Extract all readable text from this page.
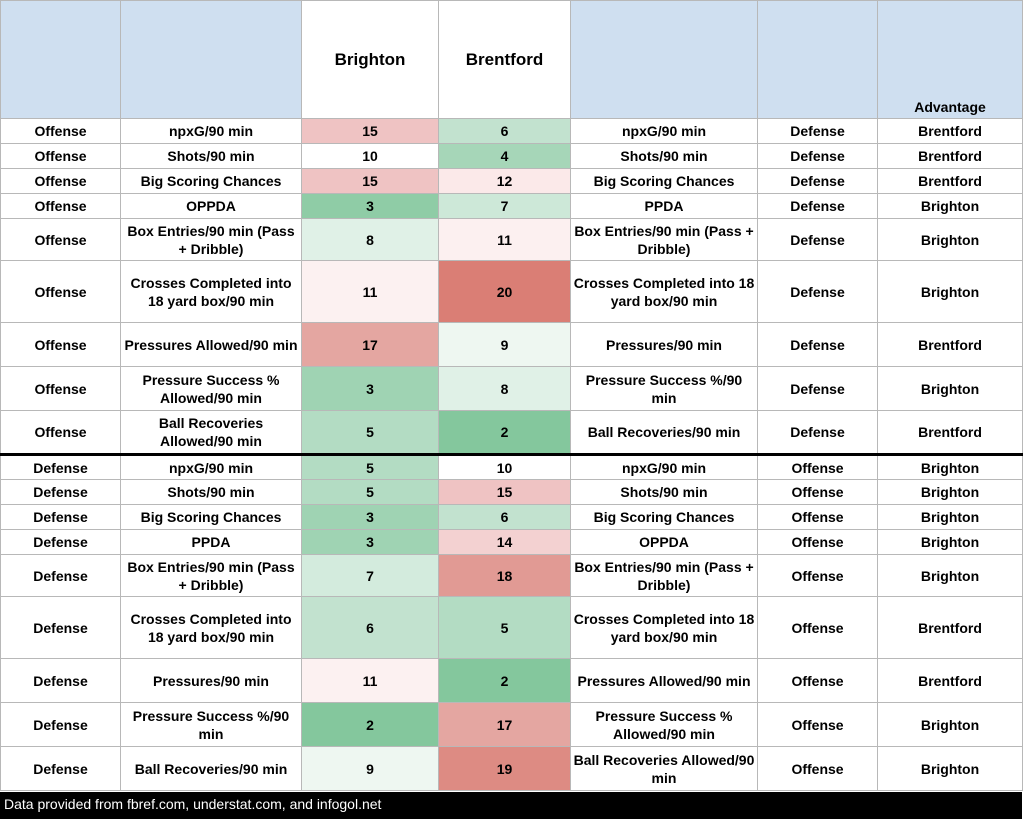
		Brighton	Brentford			Advantage
Offense	npxG/90 min	15	6	npxG/90 min	Defense	Brentford
Offense	Shots/90 min	10	4	Shots/90 min	Defense	Brentford
Offense	Big Scoring Chances	15	12	Big Scoring Chances	Defense	Brentford
Offense	OPPDA	3	7	PPDA	Defense	Brighton
Offense	Box Entries/90 min (Pass + Dribble)	8	11	Box Entries/90 min (Pass + Dribble)	Defense	Brighton
Offense	Crosses Completed into 18 yard box/90 min	11	20	Crosses Completed into 18 yard box/90 min	Defense	Brighton
Offense	Pressures Allowed/90 min	17	9	Pressures/90 min	Defense	Brentford
Offense	Pressure Success % Allowed/90 min	3	8	Pressure Success %/90 min	Defense	Brighton
Offense	Ball Recoveries Allowed/90 min	5	2	Ball Recoveries/90 min	Defense	Brentford
Defense	npxG/90 min	5	10	npxG/90 min	Offense	Brighton
Defense	Shots/90 min	5	15	Shots/90 min	Offense	Brighton
Defense	Big Scoring Chances	3	6	Big Scoring Chances	Offense	Brighton
Defense	PPDA	3	14	OPPDA	Offense	Brighton
Defense	Box Entries/90 min (Pass + Dribble)	7	18	Box Entries/90 min (Pass + Dribble)	Offense	Brighton
Defense	Crosses Completed into 18 yard box/90 min	6	5	Crosses Completed into 18 yard box/90 min	Offense	Brentford
Defense	Pressures/90 min	11	2	Pressures Allowed/90 min	Offense	Brentford
Defense	Pressure Success %/90 min	2	17	Pressure Success % Allowed/90 min	Offense	Brighton
Defense	Ball Recoveries/90 min	9	19	Ball Recoveries Allowed/90 min	Offense	Brighton
Data provided from fbref.com, understat.com, and infogol.net
